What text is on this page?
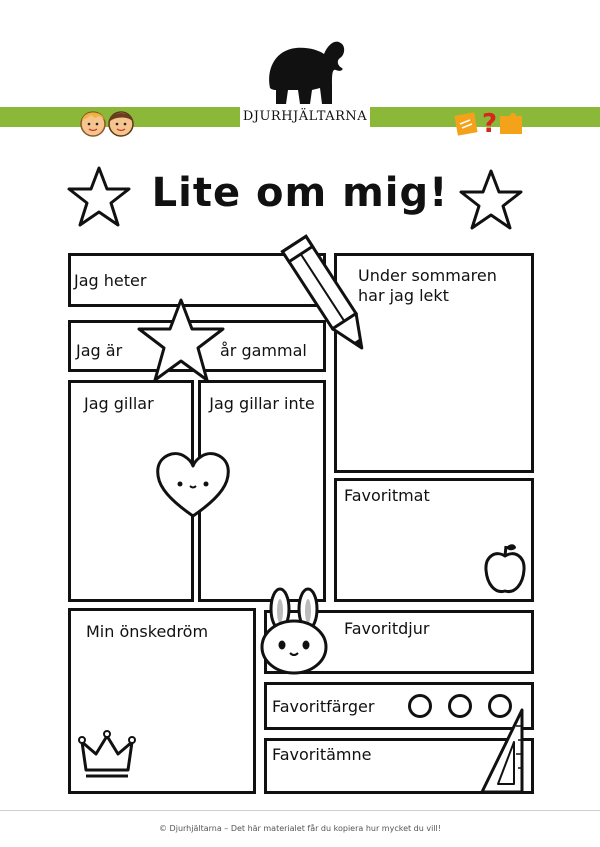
DJURHJÄLTARNA	?
Lite om mig!
Jag heter
Jag är	år gammal
Jag gillar	Jag gillar inte
Under sommaren har jag lekt
Favoritmat
Min önskedröm	Favoritdjur
Favoritfärger
Favoritämne
© Djurhjältarna – Det här materialet får du kopiera hur mycket du vill!
